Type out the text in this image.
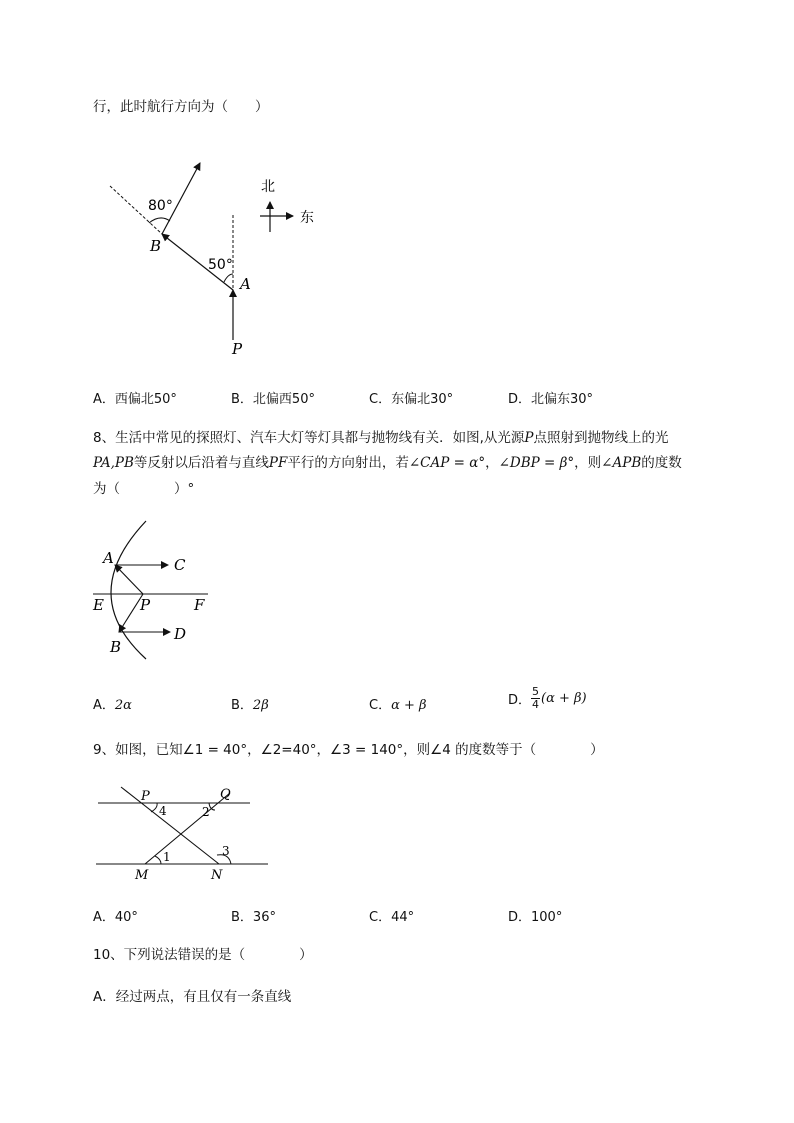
行，此时航行方向为（　　）
80°
50°
B
A
P
北
东
A．西偏北50°	B．北偏西50°	C．东偏北30°	D．北偏东30°
8、生活中常见的探照灯、汽车大灯等灯具都与抛物线有关．如图,从光源P点照射到抛物线上的光
PA,PB等反射以后沿着与直线PF平行的方向射出，若∠CAP = α°，∠DBP = β°，则∠APB的度数
为（　　　　）°
A	C
E P	F
B
D
A．2α	B．2β	C．α + β	D． $\frac{5}{4} (\alpha + \beta)$
9、如图，已知∠1 = 40°，∠2=40°，∠3 = 140°，则∠4 的度数等于（　　　　）
P	Q
M	N
4	2
1	3
A．40°	B．36°	C．44°	D．100°
10、下列说法错误的是（　　　　）
A．经过两点，有且仅有一条直线
